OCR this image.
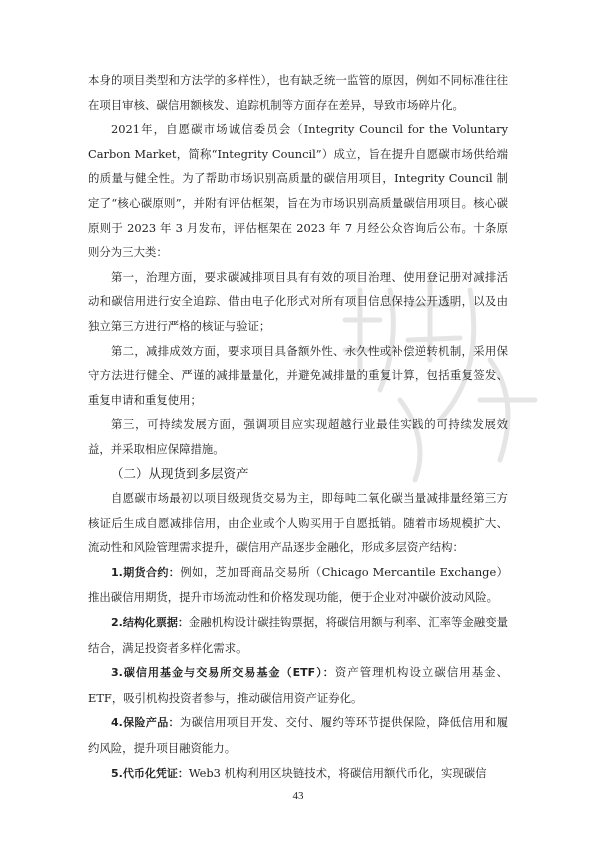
本身的项目类型和方法学的多样性），也有缺乏统一监管的原因，例如不同标准往往在项目审核、碳信用额核发、追踪机制等方面存在差异，导致市场碎片化。

2021年，自愿碳市场诚信委员会（Integrity Council for the Voluntary Carbon Market，简称“Integrity Council”）成立，旨在提升自愿碳市场供给端的质量与健全性。为了帮助市场识别高质量的碳信用项目，Integrity Council 制定了“核心碳原则”，并附有评估框架，旨在为市场识别高质量碳信用项目。核心碳原则于 2023 年 3 月发布，评估框架在 2023 年 7 月经公众咨询后公布。十条原则分为三大类：

第一，治理方面，要求碳减排项目具有有效的项目治理、使用登记册对减排活动和碳信用进行安全追踪、借由电子化形式对所有项目信息保持公开透明，以及由独立第三方进行严格的核证与验证；

第二，减排成效方面，要求项目具备额外性、永久性或补偿逆转机制，采用保守方法进行健全、严谨的减排量量化，并避免减排量的重复计算，包括重复签发、重复申请和重复使用；

第三，可持续发展方面，强调项目应实现超越行业最佳实践的可持续发展效益，并采取相应保障措施。

（二）从现货到多层资产

自愿碳市场最初以项目级现货交易为主，即每吨二氧化碳当量减排量经第三方核证后生成自愿减排信用，由企业或个人购买用于自愿抵销。随着市场规模扩大、流动性和风险管理需求提升，碳信用产品逐步金融化，形成多层资产结构：

1.期货合约：例如，芝加哥商品交易所（Chicago Mercantile Exchange）推出碳信用期货，提升市场流动性和价格发现功能，便于企业对冲碳价波动风险。

2.结构化票据：金融机构设计碳挂钩票据，将碳信用额与利率、汇率等金融变量结合，满足投资者多样化需求。

3.碳信用基金与交易所交易基金（ETF）：资产管理机构设立碳信用基金、ETF，吸引机构投资者参与，推动碳信用资产证券化。

4.保险产品：为碳信用项目开发、交付、履约等环节提供保险，降低信用和履约风险，提升项目融资能力。

5.代币化凭证：Web3 机构利用区块链技术，将碳信用额代币化，实现碳信

43
